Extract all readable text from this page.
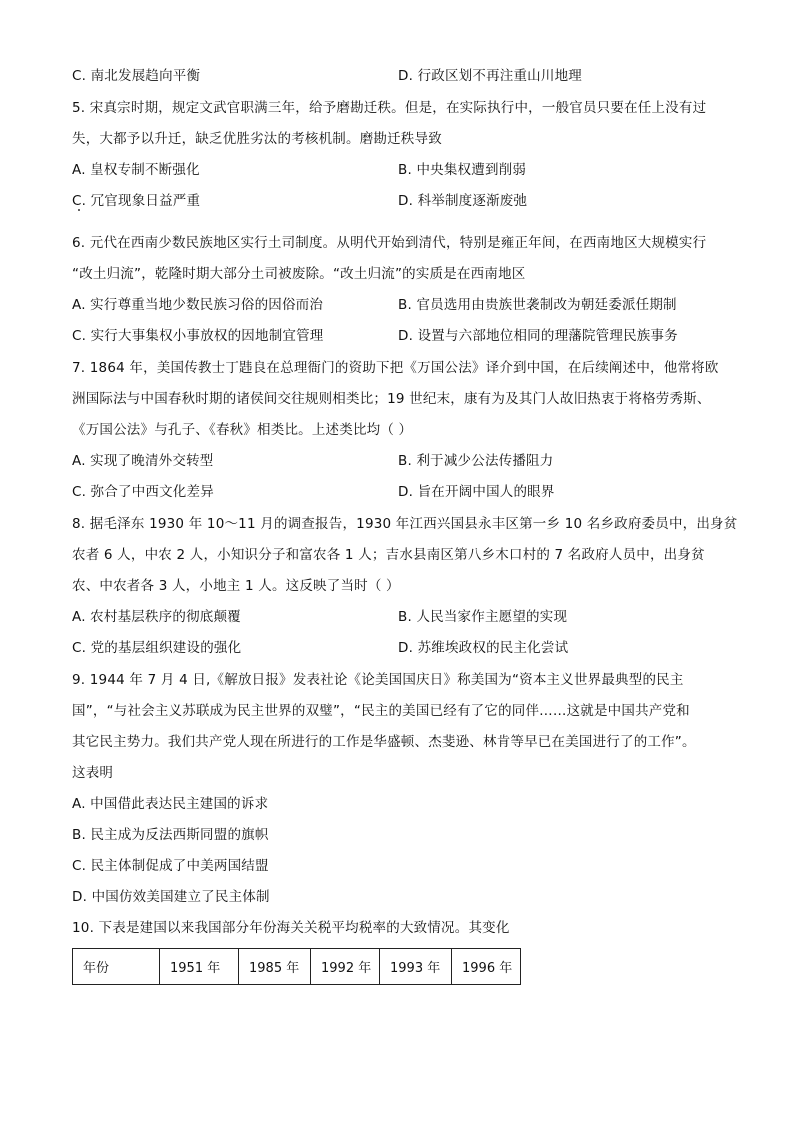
C. 南北发展趋向平衡	D. 行政区划不再注重山川地理
5. 宋真宗时期，规定文武官职满三年，给予磨勘迁秩。但是，在实际执行中，一般官员只要在任上没有过
失，大都予以升迁，缺乏优胜劣汰的考核机制。磨勘迁秩导致
A. 皇权专制不断强化	B. 中央集权遭到削弱
C. 冗官现象日益严重	D. 科举制度逐渐废弛
6. 元代在西南少数民族地区实行土司制度。从明代开始到清代，特别是雍正年间，在西南地区大规模实行
“改土归流”，乾隆时期大部分土司被废除。“改土归流”的实质是在西南地区
A. 实行尊重当地少数民族习俗的因俗而治	B. 官员选用由贵族世袭制改为朝廷委派任期制
C. 实行大事集权小事放权的因地制宜管理	D. 设置与六部地位相同的理藩院管理民族事务
7. 1864 年，美国传教士丁韪良在总理衙门的资助下把《万国公法》译介到中国，在后续阐述中，他常将欧
洲国际法与中国春秋时期的诸侯间交往规则相类比；19 世纪末，康有为及其门人故旧热衷于将格劳秀斯、
《万国公法》与孔子、《春秋》相类比。上述类比均（ ）
A. 实现了晚清外交转型	B. 利于减少公法传播阻力
C. 弥合了中西文化差异	D. 旨在开阔中国人的眼界
8. 据毛泽东 1930 年 10～11 月的调查报告，1930 年江西兴国县永丰区第一乡 10 名乡政府委员中，出身贫
农者 6 人，中农 2 人，小知识分子和富农各 1 人；吉水县南区第八乡木口村的 7 名政府人员中，出身贫
农、中农者各 3 人，小地主 1 人。这反映了当时（ ）
A. 农村基层秩序的彻底颠覆	B. 人民当家作主愿望的实现
C. 党的基层组织建设的强化	D. 苏维埃政权的民主化尝试
9. 1944 年 7 月 4 日,《解放日报》发表社论《论美国国庆日》称美国为“资本主义世界最典型的民主
国”，“与社会主义苏联成为民主世界的双璧”，“民主的美国已经有了它的同伴……这就是中国共产党和
其它民主势力。我们共产党人现在所进行的工作是华盛顿、杰斐逊、林肯等早已在美国进行了的工作”。
这表明
A. 中国借此表达民主建国的诉求
B. 民主成为反法西斯同盟的旗帜
C. 民主体制促成了中美两国结盟
D. 中国仿效美国建立了民主体制
10. 下表是建国以来我国部分年份海关关税平均税率的大致情况。其变化
年份	1951 年	1985 年	1992 年	1993 年	1996 年
